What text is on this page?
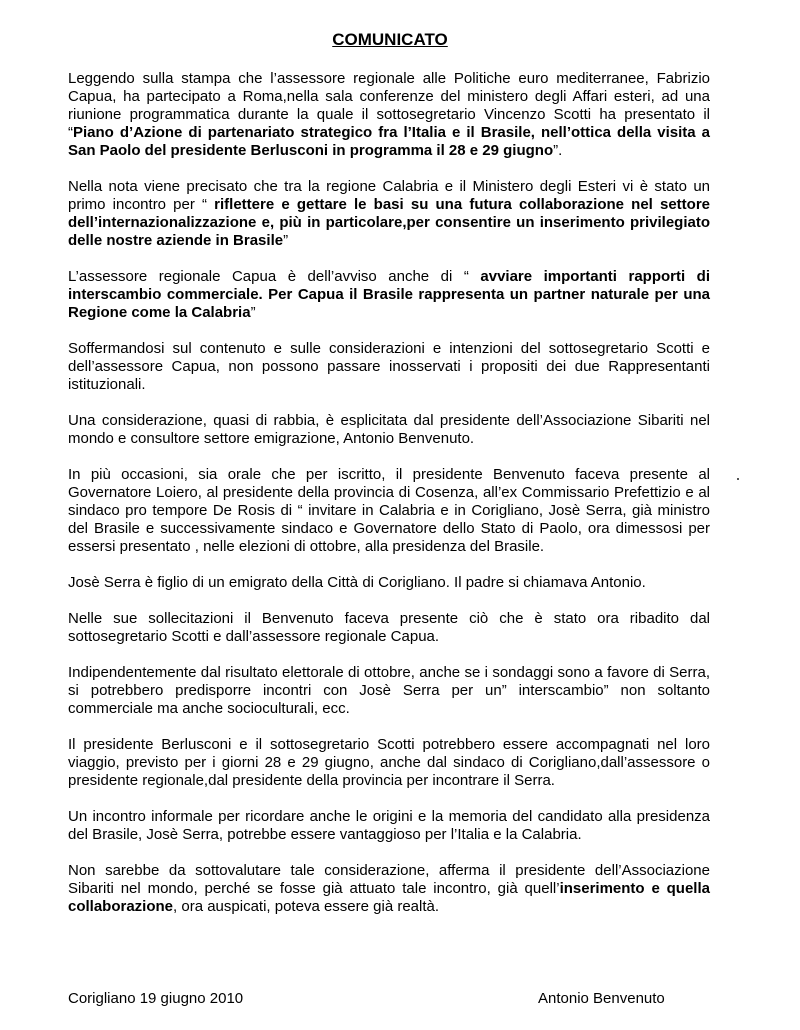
COMUNICATO

Leggendo sulla stampa che l’assessore regionale alle Politiche euro mediterranee, Fabrizio Capua, ha partecipato a Roma,nella sala conferenze del ministero degli Affari esteri, ad una riunione programmatica durante la quale il sottosegretario Vincenzo Scotti ha presentato il “Piano d’Azione di partenariato strategico fra l’Italia e il Brasile, nell’ottica della visita a San Paolo del presidente Berlusconi in programma il 28 e 29 giugno”.

Nella nota viene precisato che tra la regione Calabria e il Ministero degli Esteri vi è stato un primo incontro per “ riflettere e gettare le basi su una futura collaborazione nel settore dell’internazionalizzazione e, più in particolare,per consentire un inserimento privilegiato delle nostre aziende in Brasile”

L’assessore regionale Capua è dell’avviso anche di “ avviare importanti rapporti di interscambio commerciale. Per Capua il Brasile rappresenta un partner naturale per una Regione come la Calabria”

Soffermandosi sul contenuto e sulle considerazioni e intenzioni del sottosegretario Scotti e dell’assessore Capua, non possono passare inosservati i propositi dei due Rappresentanti istituzionali.

Una considerazione, quasi di rabbia, è esplicitata dal presidente dell’Associazione Sibariti nel mondo e consultore settore emigrazione, Antonio Benvenuto.

In più occasioni, sia orale che per iscritto, il presidente Benvenuto faceva presente al Governatore Loiero, al presidente della provincia di Cosenza, all’ex Commissario Prefettizio e al sindaco pro tempore De Rosis di “ invitare in Calabria e in Corigliano, Josè Serra, già ministro del Brasile e successivamente sindaco e Governatore dello Stato di Paolo, ora dimessosi per essersi presentato , nelle elezioni di ottobre, alla presidenza del Brasile.

Josè Serra è figlio di un emigrato della Città di Corigliano. Il padre si chiamava Antonio.

Nelle sue sollecitazioni il Benvenuto faceva presente ciò che è stato ora ribadito dal sottosegretario Scotti e dall’assessore regionale Capua.

Indipendentemente dal risultato elettorale di ottobre, anche se i sondaggi sono a favore di Serra, si potrebbero predisporre incontri con Josè Serra per un” interscambio” non soltanto commerciale ma anche socioculturali, ecc.

Il presidente Berlusconi e il sottosegretario Scotti potrebbero essere accompagnati nel loro viaggio, previsto per i giorni 28 e 29 giugno, anche dal sindaco di Corigliano,dall’assessore o presidente regionale,dal presidente della provincia per incontrare il Serra.

Un incontro informale per ricordare anche le origini e la memoria del candidato alla presidenza del Brasile, Josè Serra, potrebbe essere vantaggioso per l’Italia e la Calabria.

Non sarebbe da sottovalutare tale considerazione, afferma il presidente dell’Associazione Sibariti nel mondo, perché se fosse già attuato tale incontro, già quell’inserimento e quella collaborazione, ora auspicati, poteva essere già realtà.

Corigliano 19 giugno 2010	Antonio Benvenuto
